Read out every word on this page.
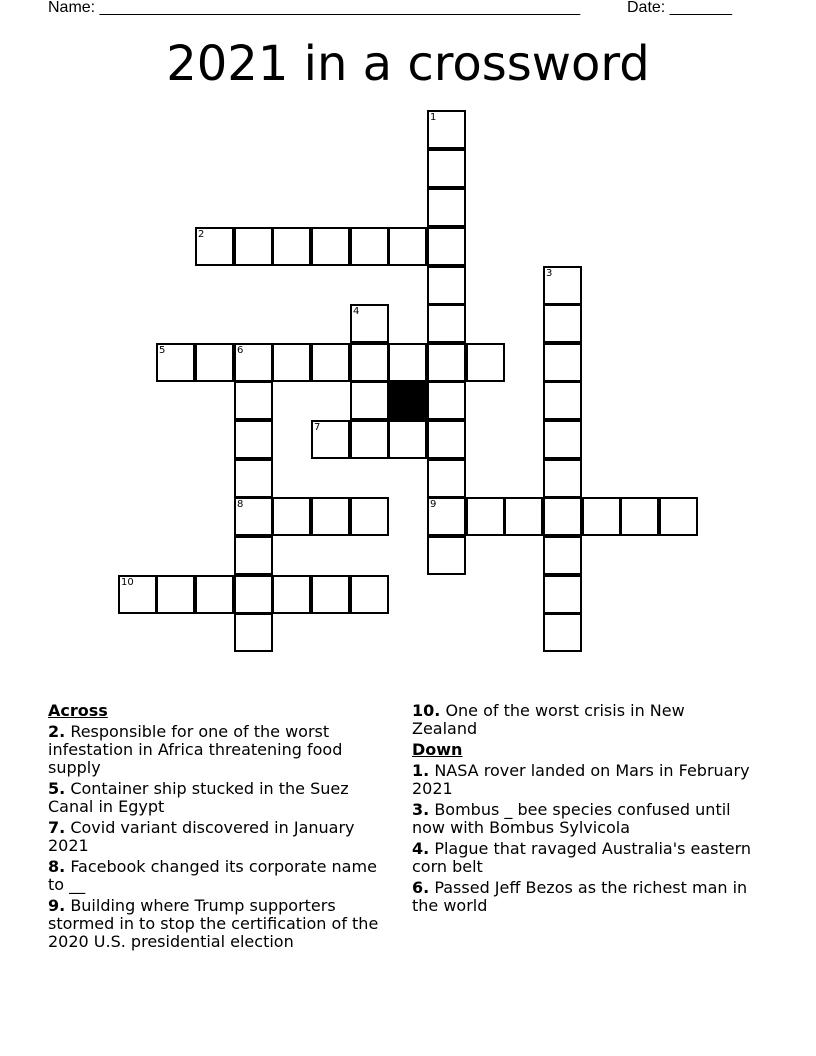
Name: ______________________________________________________	Date: _______
2021 in a crossword
1
9
2
3
4
5	6
8
7
10
Across
2. Responsible for one of the worst infestation in Africa threatening food supply
5. Container ship stucked in the Suez Canal in Egypt
7. Covid variant discovered in January 2021
8. Facebook changed its corporate name to __
9. Building where Trump supporters stormed in to stop the certification of the 2020 U.S. presidential election
10. One of the worst crisis in New Zealand
Down
1. NASA rover landed on Mars in February 2021
3. Bombus _ bee species confused until now with Bombus Sylvicola
4. Plague that ravaged Australia's eastern corn belt
6. Passed Jeff Bezos as the richest man in the world
